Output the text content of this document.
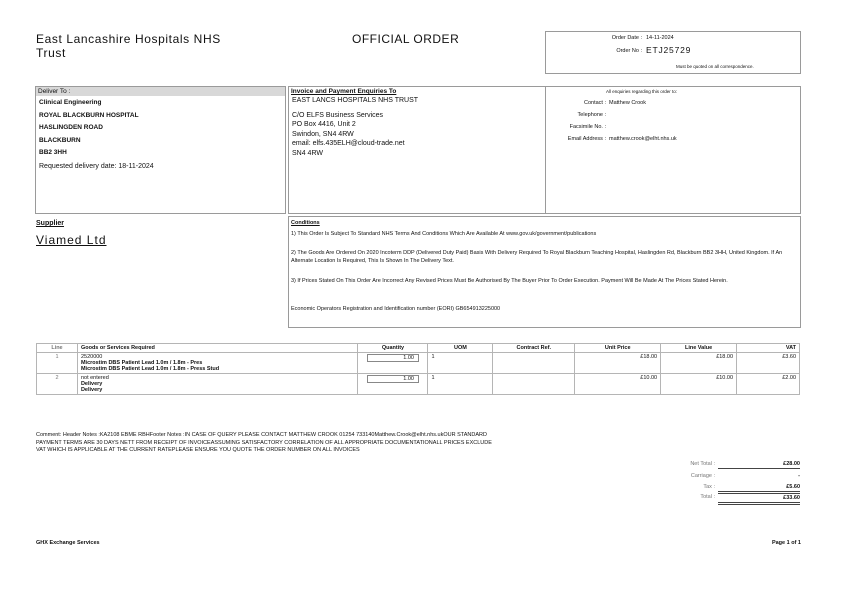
East Lancashire Hospitals NHS
Trust
OFFICIAL ORDER	Order Date : 14-11-2024
Order No : ETJ25729
Must be quoted on all correspondence.
Deliver To :
Clinical Engineering
ROYAL BLACKBURN HOSPITAL
HASLINGDEN ROAD
BLACKBURN
BB2 3HH
Requested delivery date: 18-11-2024
Invoice and Payment Enquiries To
EAST LANCS HOSPITALS NHS TRUST
C/O ELFS Business Services
PO Box 4416, Unit 2
Swindon, SN4 4RW
email: elfs.435ELH@cloud-trade.net
SN4 4RW
All enquiries regarding this order to:
Contact : Matthew Crook
Telephone :
Facsimile No. :
Email Address : matthew.crook@elht.nhs.uk
Supplier
Viamed Ltd
Conditions
1) This Order Is Subject To Standard NHS Terms And Conditions Which Are Available At www.gov.uk/government/publications
2) The Goods Are Ordered On 2020 Incoterm DDP (Delivered Duty Paid) Basis With Delivery Required To Royal Blackburn Teaching Hospital, Haslingden Rd, Blackburn BB2 3HH, United Kingdom. If An Alternate Location Is Required, This Is Shown In The Delivery Text.
3) If Prices Stated On This Order Are Incorrect Any Revised Prices Must Be Authorised By The Buyer Prior To Order Execution. Payment Will Be Made At The Prices Stated Herein.
Economic Operators Registration and Identification number (EORI) GB654913225000
Line	Goods or Services Required	Quantity	UOM	Contract Ref.	Unit Price	Line Value	VAT
1	2520000
Microstim DBS Patient Lead 1.0m / 1.8m - Pres
Microstim DBS Patient Lead 1.0m / 1.8m - Press Stud	1.00	1		£18.00	£18.00	£3.60
2	not entered
Delivery
Delivery	1.00	1		£10.00	£10.00	£2.00
Comment: Header Notes :KA2108 EBME RBHFooter Notes :IN CASE OF QUERY PLEASE CONTACT MATTHEW CROOK 01254 733140Matthew.Crook@elht.nhs.ukOUR STANDARD
PAYMENT TERMS ARE 30 DAYS NETT FROM RECEIPT OF INVOICEASSUMING SATISFACTORY CORRELATION OF ALL APPROPRIATE DOCUMENTATIONALL PRICES EXCLUDE
VAT WHICH IS APPLICABLE AT THE CURRENT RATEPLEASE ENSURE YOU QUOTE THE ORDER NUMBER ON ALL INVOICES
Net Total :	£28.00
Carriage :	-
Tax :	£5.60
Total :	£33.60
GHX Exchange Services	Page 1 of 1
